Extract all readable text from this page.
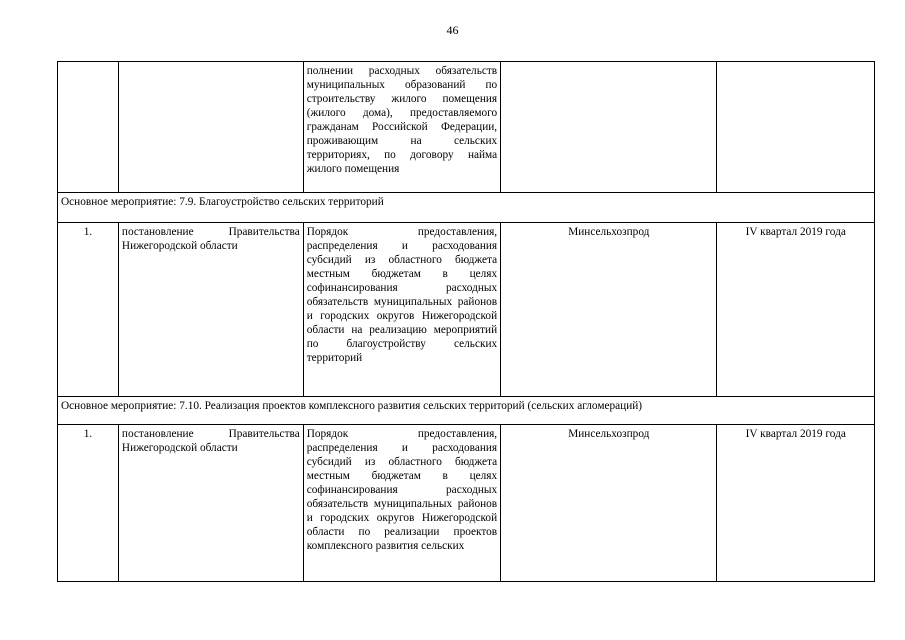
46
		полнении расходных обязательств муниципальных образований по строительству жилого помещения (жилого дома), предоставляемого гражданам Российской Федерации, проживающим на сельских территориях, по договору найма жилого помещения		
Основное мероприятие: 7.9. Благоустройство сельских территорий				
1.	постановление Правительства Нижегородской области	Порядок предоставления, распределения и расходования субсидий из областного бюджета местным бюджетам в целях софинансирования расходных обязательств муниципальных районов и городских округов Нижегородской области на реализацию мероприятий по благоустройству сельских территорий	Минсельхозпрод	IV квартал 2019 года
Основное мероприятие: 7.10. Реализация проектов комплексного развития сельских территорий (сельских агломераций)				
1.	постановление Правительства Нижегородской области	Порядок предоставления, распределения и расходования субсидий из областного бюджета местным бюджетам в целях софинансирования расходных обязательств муниципальных районов и городских округов Нижегородской области по реализации проектов комплексного развития сельских	Минсельхозпрод	IV квартал 2019 года
